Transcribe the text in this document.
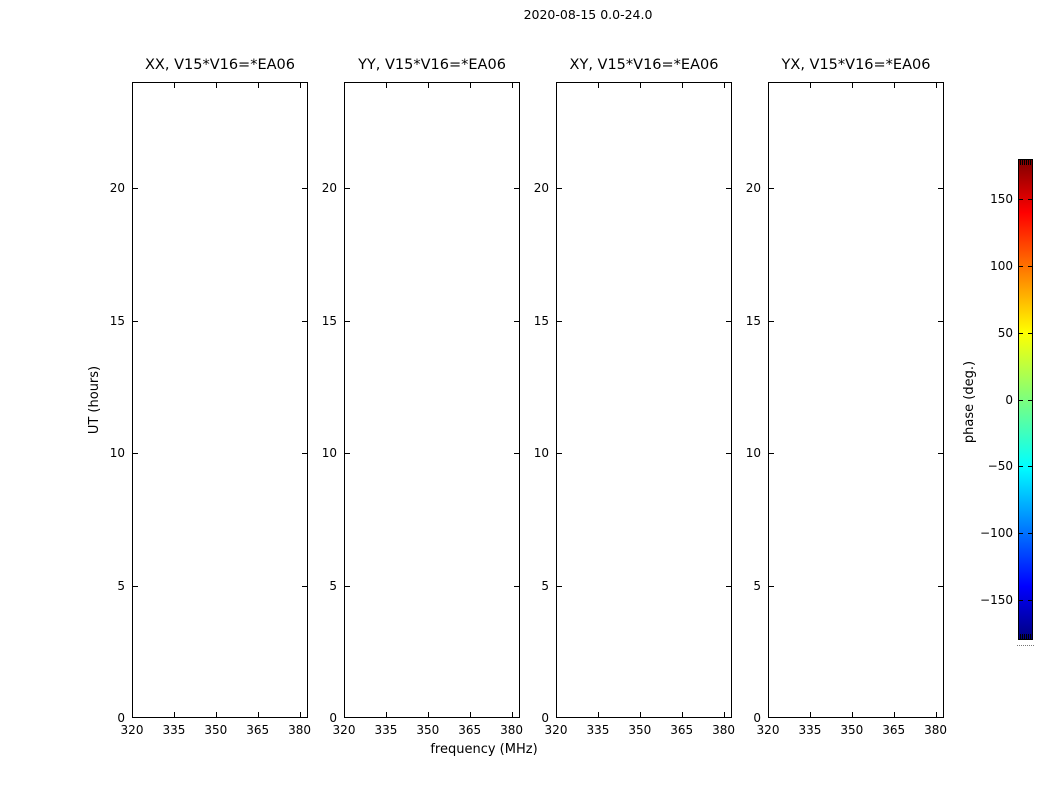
2020-08-15 0.0-24.0
XX, V15*V16=*EA06	YY, V15*V16=*EA06	XY, V15*V16=*EA06	YX, V15*V16=*EA06
UT (hours)
frequency (MHz)
phase (deg.)
0
5
10
15
20
320	335	350	365	380
0
5
10
15
20
320	335	350	365	380
0
5
10
15
20
320	335	350	365	380
0
5
10
15
20
320	335	350	365	380
150
100
50
0
−50
−100
−150
